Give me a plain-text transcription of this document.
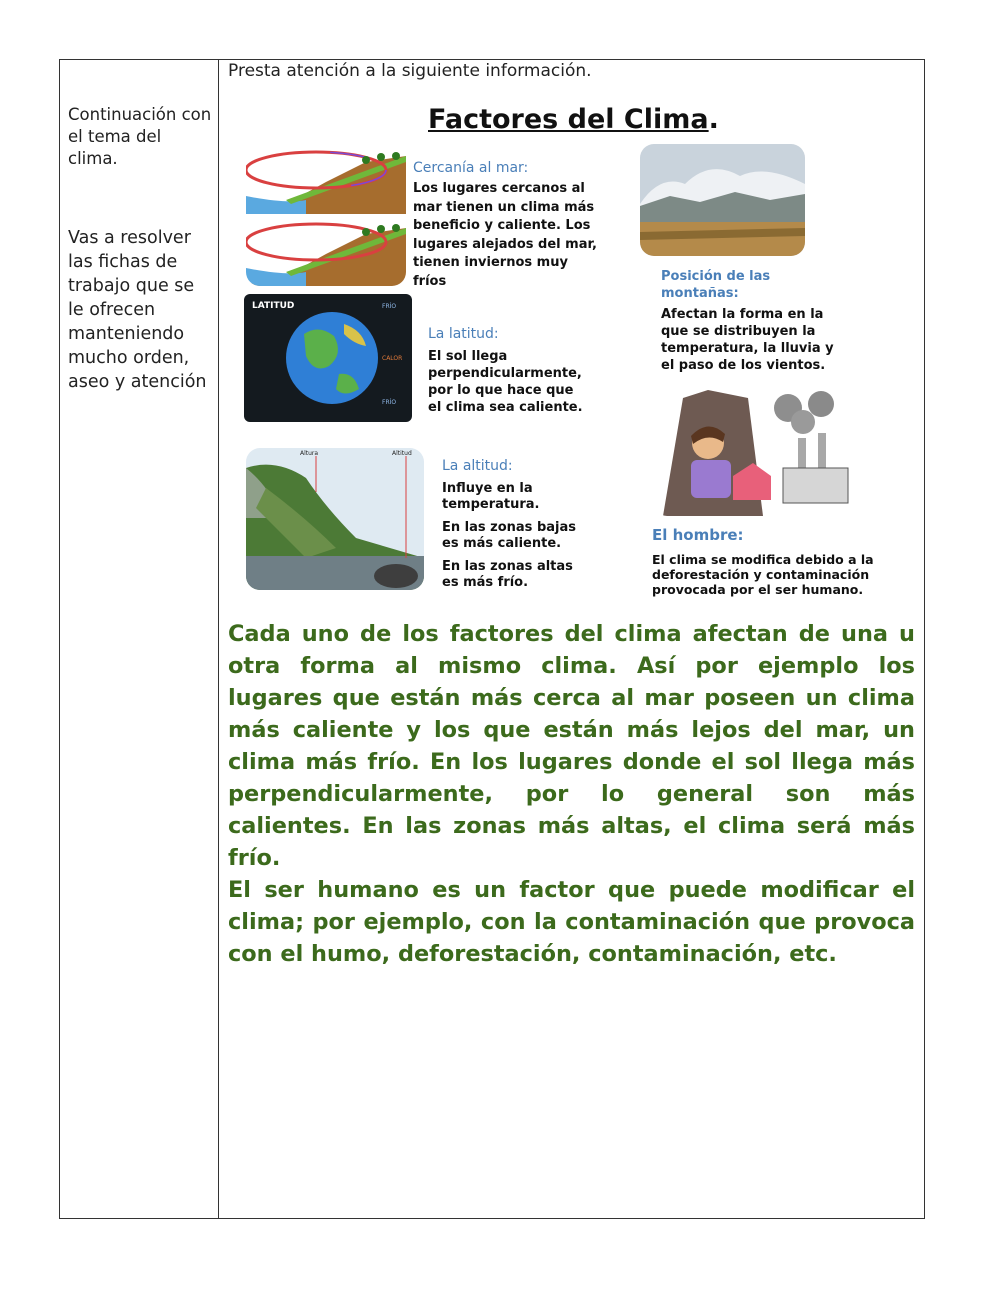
Continuación con el tema del clima.

Vas a resolver las fichas de trabajo que se le ofrecen manteniendo mucho orden, aseo y atención

Presta atención a la siguiente información.
Factores del Clima.
Cercanía al mar:
Los lugares cercanos al mar tienen un clima más beneficio y caliente. Los lugares alejados del mar, tienen inviernos muy fríos	Posición de las montañas:
Afectan la forma en la que se distribuyen la temperatura, la lluvia y el paso de los vientos.
LATITUD	FRÍO
CALOR
FRÍO
La latitud:
El sol llega perpendicularmente, por lo que hace que el clima sea caliente.
El hombre:
El clima se modifica debido a la deforestación y contaminación provocada por el ser humano.
Altura	Altitud
La altitud:
Influye en la temperatura.
En las zonas bajas es más caliente.
En las zonas altas es más frío.

Cada uno de los factores del clima afectan de una u otra forma al mismo clima. Así por ejemplo los lugares que están más cerca al mar poseen un clima más caliente y los que están más lejos del mar, un clima más frío. En los lugares donde el sol llega más perpendicularmente, por lo general son más calientes. En las zonas más altas, el clima será más frío.

El ser humano es un factor que puede modificar el clima; por ejemplo, con la contaminación que provoca con el humo, deforestación, contaminación, etc.
